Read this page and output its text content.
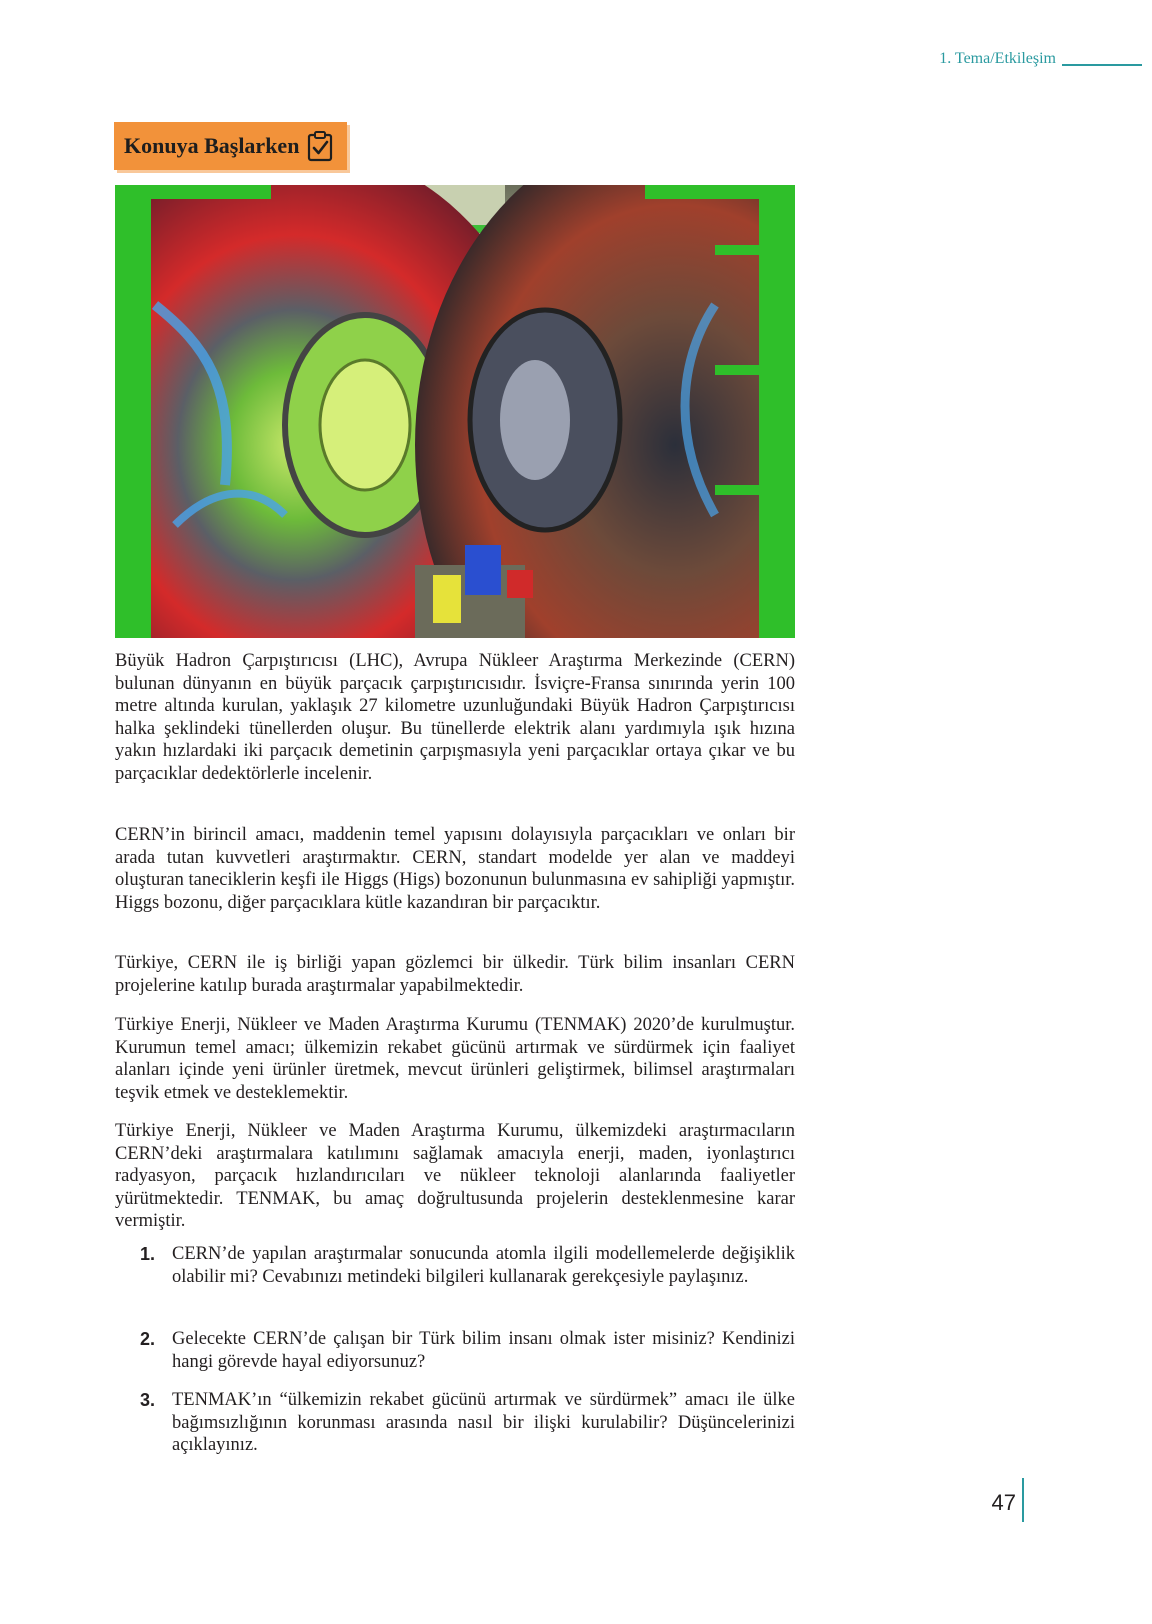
1. Tema/Etkileşim
Konuya Başlarken

Büyük Hadron Çarpıştırıcısı (LHC), Avrupa Nükleer Araştırma Merkezinde (CERN) bulunan dünyanın en büyük parçacık çarpıştırıcısıdır. İsviçre-Fransa sınırında yerin 100 metre altında kurulan, yaklaşık 27 kilometre uzunluğundaki Büyük Hadron Çarpıştırıcısı halka şeklindeki tünellerden oluşur. Bu tünellerde elektrik alanı yardımıyla ışık hızına yakın hızlardaki iki parçacık demetinin çarpışmasıyla yeni parçacıklar ortaya çıkar ve bu parçacıklar dedektörlerle incelenir.

CERN’in birincil amacı, maddenin temel yapısını dolayısıyla parçacıkları ve onları bir arada tutan kuvvetleri araştırmaktır. CERN, standart modelde yer alan ve maddeyi oluşturan taneciklerin keşfi ile Higgs (Higs) bozonunun bulunmasına ev sahipliği yapmıştır. Higgs bozonu, diğer parçacıklara kütle kazandıran bir parçacıktır.

Türkiye, CERN ile iş birliği yapan gözlemci bir ülkedir. Türk bilim insanları CERN projelerine katılıp burada araştırmalar yapabilmektedir.

Türkiye Enerji, Nükleer ve Maden Araştırma Kurumu (TENMAK) 2020’de kurulmuştur. Kurumun temel amacı; ülkemizin rekabet gücünü artırmak ve sürdürmek için faaliyet alanları içinde yeni ürünler üretmek, mevcut ürünleri geliştirmek, bilimsel araştırmaları teşvik etmek ve desteklemektir.

Türkiye Enerji, Nükleer ve Maden Araştırma Kurumu, ülkemizdeki araştırmacıların CERN’deki araştırmalara katılımını sağlamak amacıyla enerji, maden, iyonlaştırıcı radyasyon, parçacık hızlandırıcıları ve nükleer teknoloji alanlarında faaliyetler yürütmektedir. TENMAK, bu amaç doğrultusunda projelerin desteklenmesine karar vermiştir.

1. CERN’de yapılan araştırmalar sonucunda atomla ilgili modellemelerde değişiklik olabilir mi? Cevabınızı metindeki bilgileri kullanarak gerekçesiyle paylaşınız.

2. Gelecekte CERN’de çalışan bir Türk bilim insanı olmak ister misiniz? Kendinizi hangi görevde hayal ediyorsunuz?

3. TENMAK’ın “ülkemizin rekabet gücünü artırmak ve sürdürmek” amacı ile ülke bağımsızlığının korunması arasında nasıl bir ilişki kurulabilir? Düşüncelerinizi açıklayınız.

47
